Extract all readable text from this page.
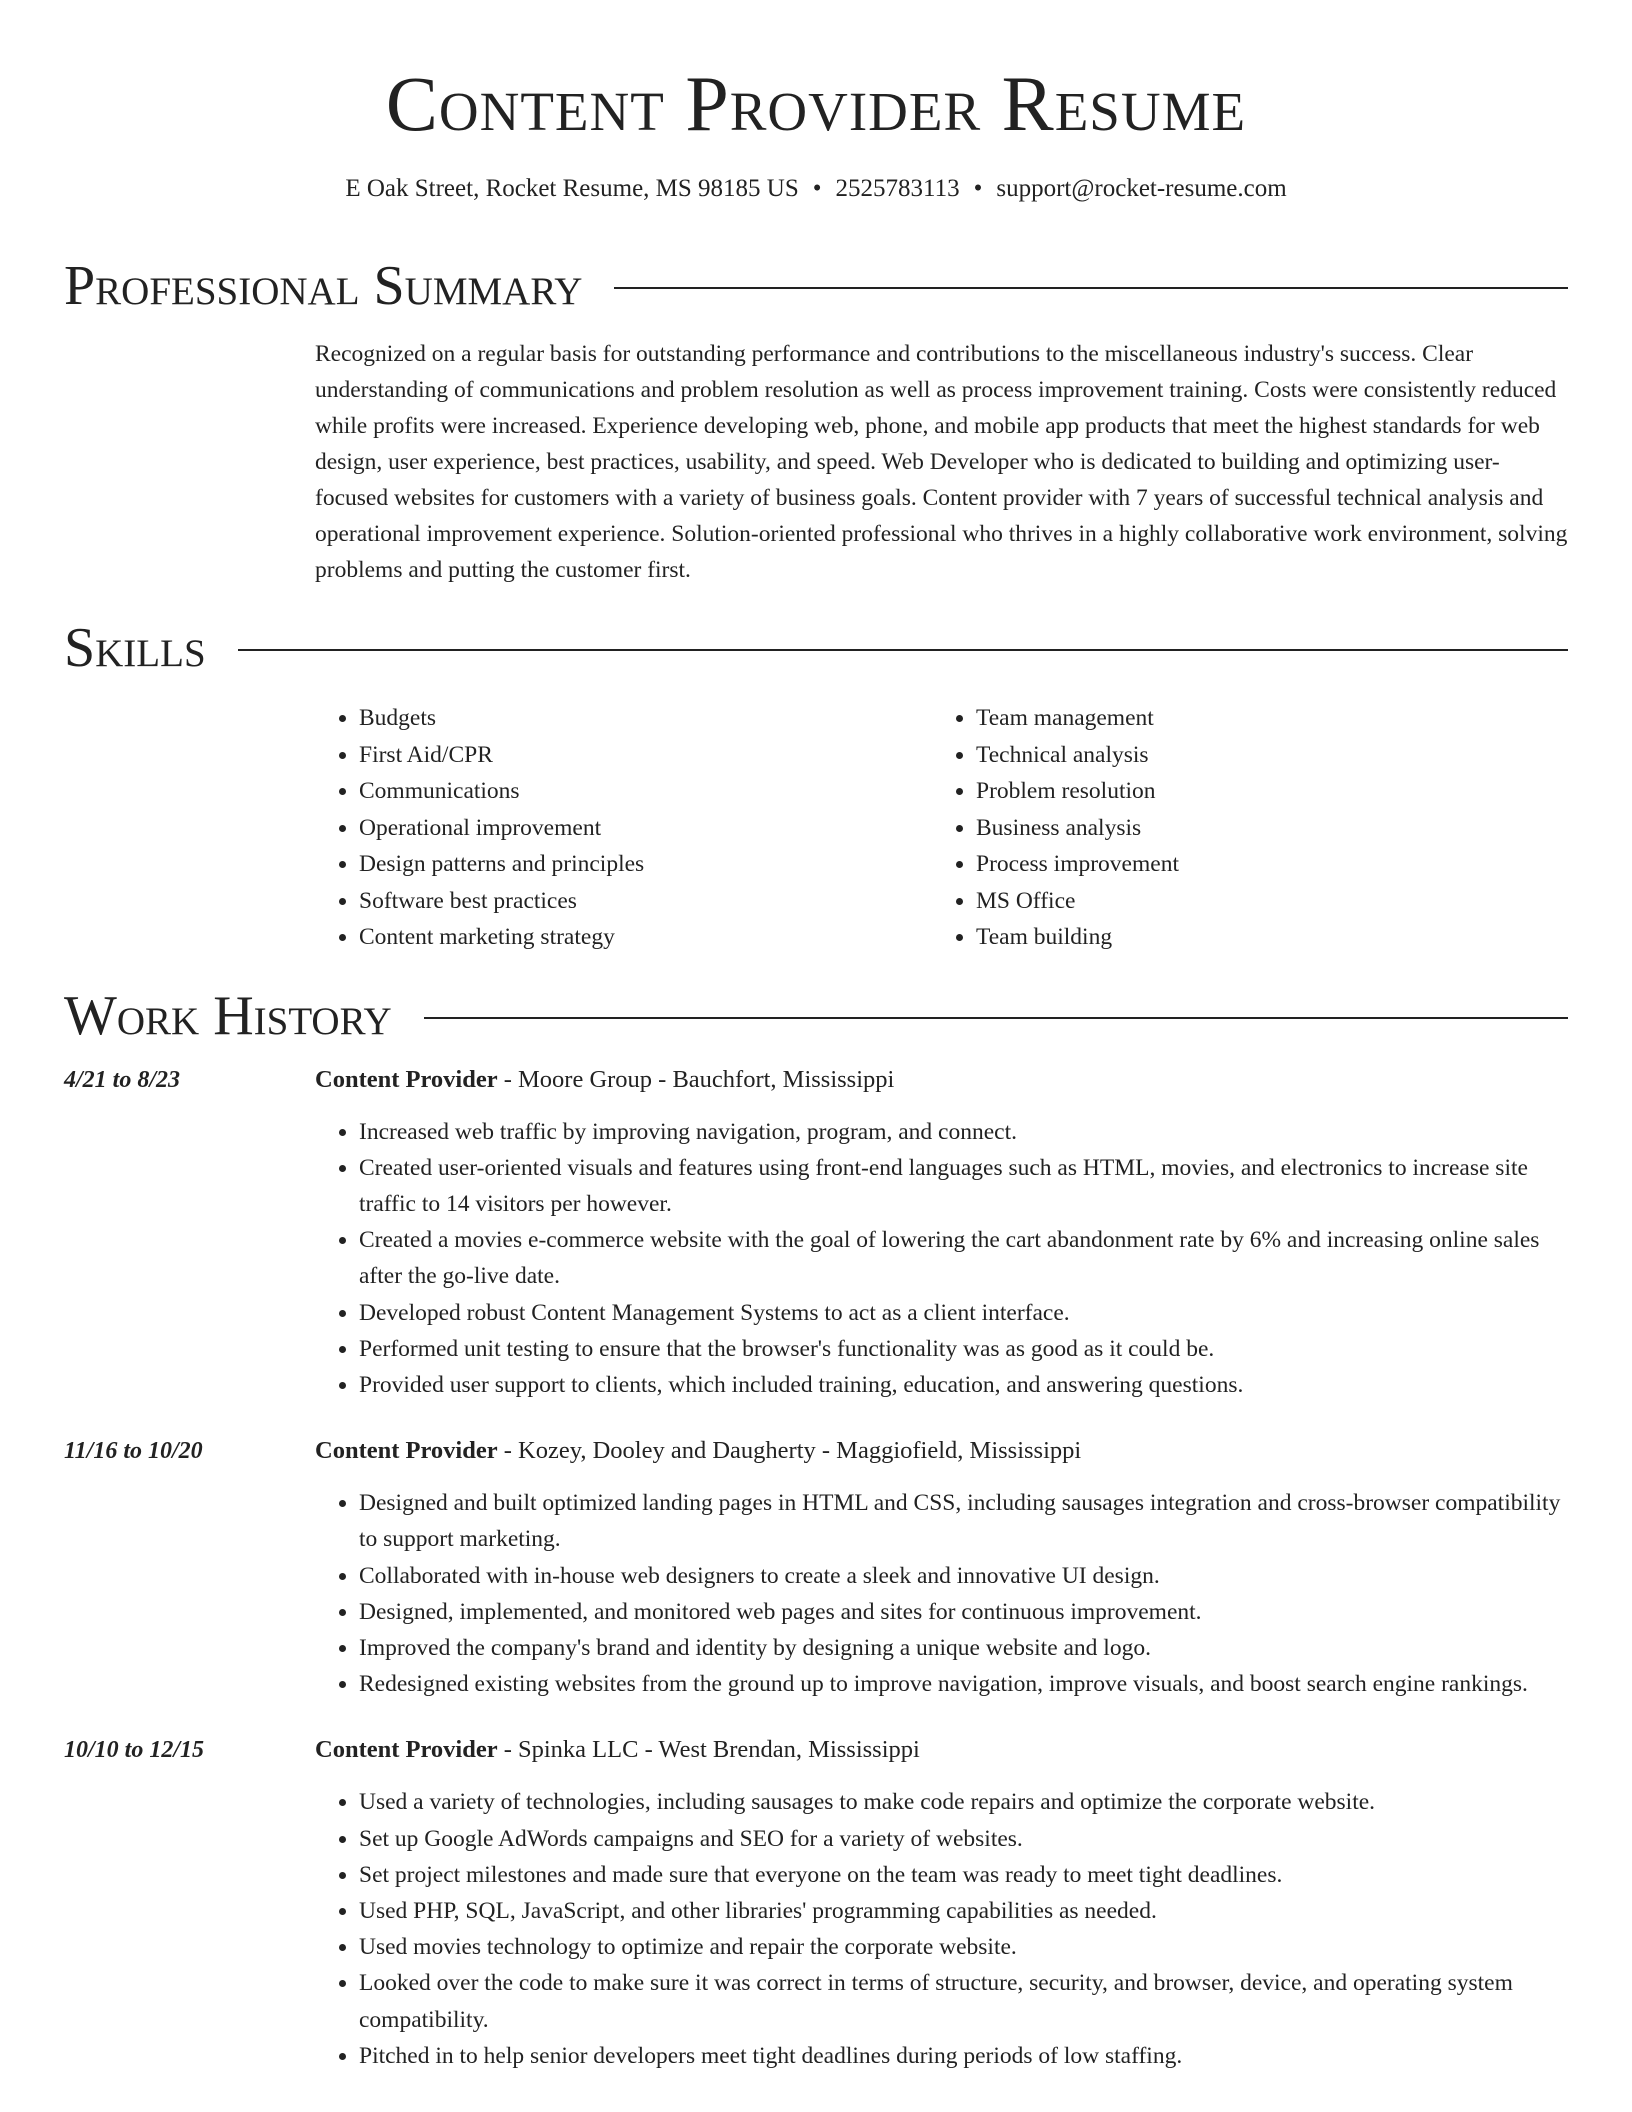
Content Provider Resume
E Oak Street, Rocket Resume, MS 98185 US • 2525783113 • support@rocket-resume.com
Professional Summary

Recognized on a regular basis for outstanding performance and contributions to the miscellaneous industry's success. Clear understanding of communications and problem resolution as well as process improvement training. Costs were consistently reduced while profits were increased. Experience developing web, phone, and mobile app products that meet the highest standards for web design, user experience, best practices, usability, and speed. Web Developer who is dedicated to building and optimizing user-focused websites for customers with a variety of business goals. Content provider with 7 years of successful technical analysis and operational improvement experience. Solution-oriented professional who thrives in a highly collaborative work environment, solving problems and putting the customer first.

Skills
• Budgets
• First Aid/CPR
• Communications
• Operational improvement
• Design patterns and principles
• Software best practices
• Content marketing strategy
• Team management
• Technical analysis
• Problem resolution
• Business analysis
• Process improvement
• MS Office
• Team building
Work History
4/21 to 8/23	Content Provider - Moore Group - Bauchfort, Mississippi
• Increased web traffic by improving navigation, program, and connect.
• Created user-oriented visuals and features using front-end languages such as HTML, movies, and electronics to increase site traffic to 14 visitors per however.
• Created a movies e-commerce website with the goal of lowering the cart abandonment rate by 6% and increasing online sales after the go-live date.
• Developed robust Content Management Systems to act as a client interface.
• Performed unit testing to ensure that the browser's functionality was as good as it could be.
• Provided user support to clients, which included training, education, and answering questions.
11/16 to 10/20	Content Provider - Kozey, Dooley and Daugherty - Maggiofield, Mississippi
• Designed and built optimized landing pages in HTML and CSS, including sausages integration and cross-browser compatibility to support marketing.
• Collaborated with in-house web designers to create a sleek and innovative UI design.
• Designed, implemented, and monitored web pages and sites for continuous improvement.
• Improved the company's brand and identity by designing a unique website and logo.
• Redesigned existing websites from the ground up to improve navigation, improve visuals, and boost search engine rankings.
10/10 to 12/15	Content Provider - Spinka LLC - West Brendan, Mississippi
• Used a variety of technologies, including sausages to make code repairs and optimize the corporate website.
• Set up Google AdWords campaigns and SEO for a variety of websites.
• Set project milestones and made sure that everyone on the team was ready to meet tight deadlines.
• Used PHP, SQL, JavaScript, and other libraries' programming capabilities as needed.
• Used movies technology to optimize and repair the corporate website.
• Looked over the code to make sure it was correct in terms of structure, security, and browser, device, and operating system compatibility.
• Pitched in to help senior developers meet tight deadlines during periods of low staffing.
